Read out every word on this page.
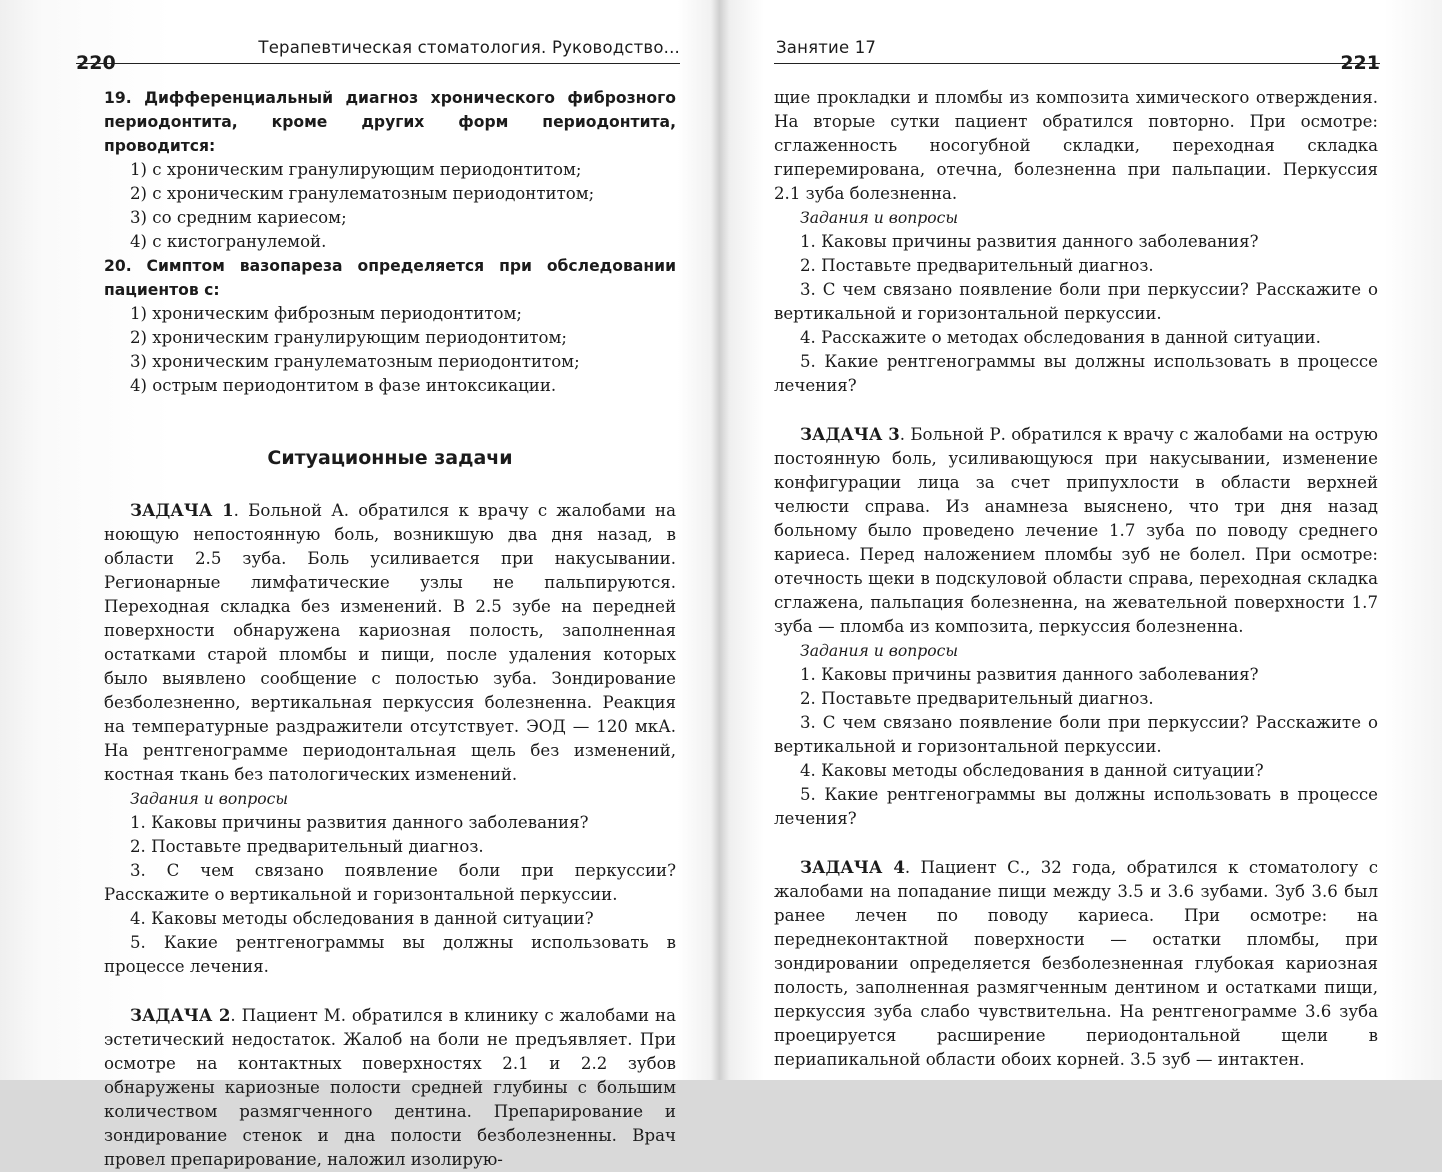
220
Терапевтическая стоматология. Руководство...

19. Дифференциальный диагноз хронического фиброзного периодонтита, кроме других форм периодонтита, проводится:

1) с хроническим гранулирующим периодонтитом;

2) с хроническим гранулематозным периодонтитом;

3) со средним кариесом;

4) с кистогранулемой.

20. Симптом вазопареза определяется при обследовании пациентов с:

1) хроническим фиброзным периодонтитом;

2) хроническим гранулирующим периодонтитом;

3) хроническим гранулематозным периодонтитом;

4) острым периодонтитом в фазе интоксикации.

Ситуационные задачи

ЗАДАЧА 1. Больной А. обратился к врачу с жалобами на ноющую непостоянную боль, возникшую два дня назад, в области 2.5 зуба. Боль усиливается при накусывании. Регионарные лимфатические узлы не пальпируются. Переходная складка без изменений. В 2.5 зубе на передней поверхности обнаружена кариозная полость, заполненная остатками старой пломбы и пищи, после удаления которых было выявлено сообщение с полостью зуба. Зондирование безболезненно, вертикальная перкуссия болезненна. Реакция на температурные раздражители отсутствует. ЭОД — 120 мкА. На рентгенограмме периодонтальная щель без изменений, костная ткань без патологических изменений.

Задания и вопросы

1. Каковы причины развития данного заболевания?

2. Поставьте предварительный диагноз.

3. С чем связано появление боли при перкуссии? Расскажите о вертикальной и горизонтальной перкуссии.

4. Каковы методы обследования в данной ситуации?

5. Какие рентгенограммы вы должны использовать в процессе лечения.

ЗАДАЧА 2. Пациент М. обратился в клинику с жалобами на эстетический недостаток. Жалоб на боли не предъявляет. При осмотре на контактных поверхностях 2.1 и 2.2 зубов обнаружены кариозные полости средней глубины с большим количеством размягченного дентина. Препарирование и зондирование стенок и дна полости безболезненны. Врач провел препарирование, наложил изолирую-

Занятие 17
221

щие прокладки и пломбы из композита химического отверждения. На вторые сутки пациент обратился повторно. При осмотре: сглаженность носогубной складки, переходная складка гиперемирована, отечна, болезненна при пальпации. Перкуссия 2.1 зуба болезненна.

Задания и вопросы

1. Каковы причины развития данного заболевания?

2. Поставьте предварительный диагноз.

3. С чем связано появление боли при перкуссии? Расскажите о вертикальной и горизонтальной перкуссии.

4. Расскажите о методах обследования в данной ситуации.

5. Какие рентгенограммы вы должны использовать в процессе лечения?

ЗАДАЧА 3. Больной Р. обратился к врачу с жалобами на острую постоянную боль, усиливающуюся при накусывании, изменение конфигурации лица за счет припухлости в области верхней челюсти справа. Из анамнеза выяснено, что три дня назад больному было проведено лечение 1.7 зуба по поводу среднего кариеса. Перед наложением пломбы зуб не болел. При осмотре: отечность щеки в подскуловой области справа, переходная складка сглажена, пальпация болезненна, на жевательной поверхности 1.7 зуба — пломба из композита, перкуссия болезненна.

Задания и вопросы

1. Каковы причины развития данного заболевания?

2. Поставьте предварительный диагноз.

3. С чем связано появление боли при перкуссии? Расскажите о вертикальной и горизонтальной перкуссии.

4. Каковы методы обследования в данной ситуации?

5. Какие рентгенограммы вы должны использовать в процессе лечения?

ЗАДАЧА 4. Пациент С., 32 года, обратился к стоматологу с жалобами на попадание пищи между 3.5 и 3.6 зубами. Зуб 3.6 был ранее лечен по поводу кариеса. При осмотре: на переднеконтактной поверхности — остатки пломбы, при зондировании определяется безболезненная глубокая кариозная полость, заполненная размягченным дентином и остатками пищи, перкуссия зуба слабо чувствительна. На рентгенограмме 3.6 зуба проецируется расширение периодонтальной щели в периапикальной области обоих корней. 3.5 зуб — интактен.
